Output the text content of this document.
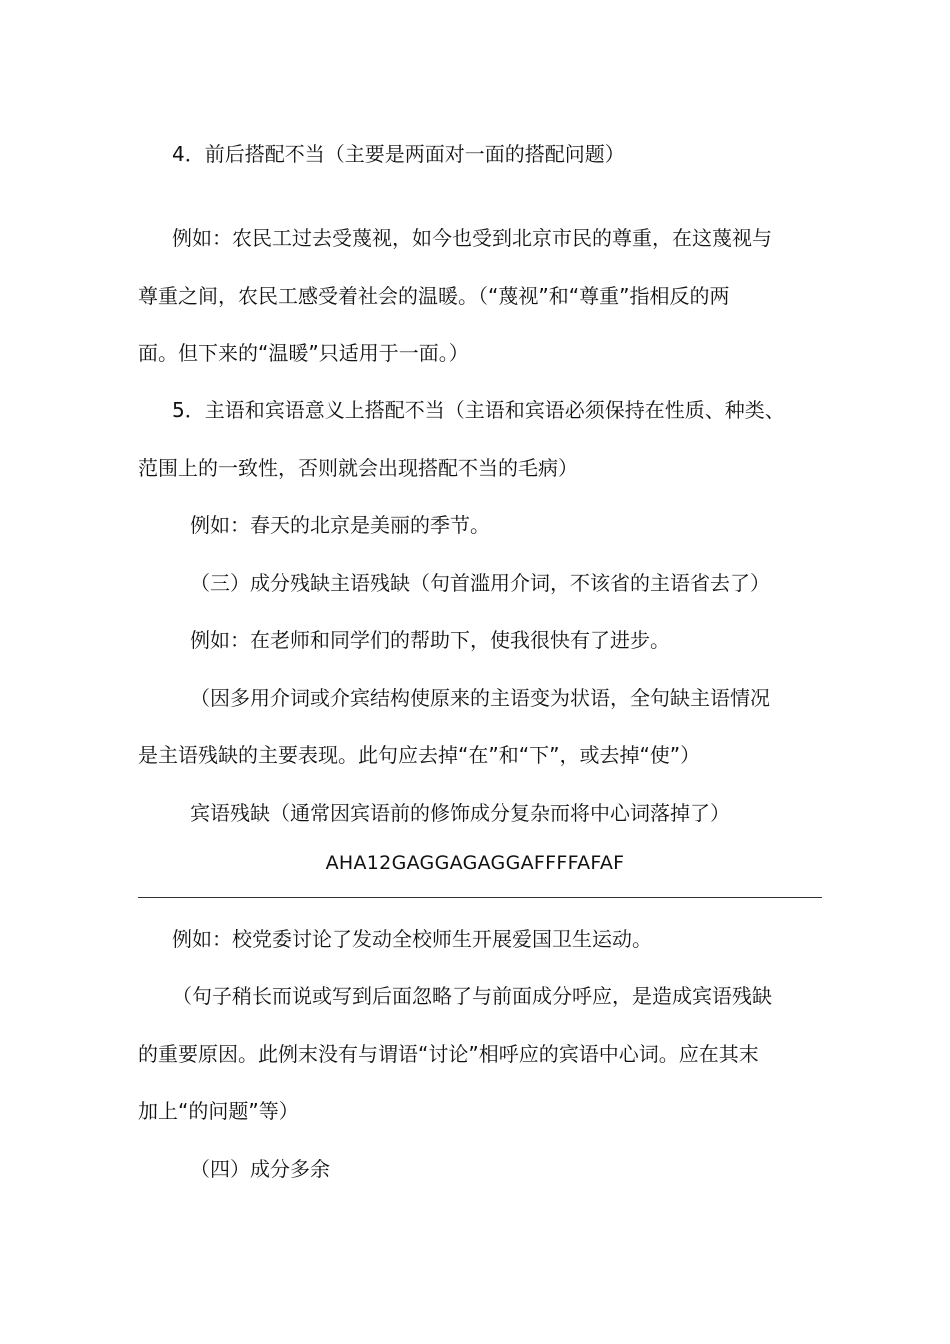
4．前后搭配不当（主要是两面对一面的搭配问题）
例如：农民工过去受蔑视，如今也受到北京市民的尊重，在这蔑视与
尊重之间，农民工感受着社会的温暖。（“蔑视”和“尊重”指相反的两
面。但下来的“温暖”只适用于一面。）
5．主语和宾语意义上搭配不当（主语和宾语必须保持在性质、种类、
范围上的一致性，否则就会出现搭配不当的毛病）
例如：春天的北京是美丽的季节。
（三）成分残缺主语残缺（句首滥用介词，不该省的主语省去了）
例如：在老师和同学们的帮助下，使我很快有了进步。
（因多用介词或介宾结构使原来的主语变为状语，全句缺主语情况
是主语残缺的主要表现。此句应去掉“在”和“下”，或去掉“使”）
宾语残缺（通常因宾语前的修饰成分复杂而将中心词落掉了）
AHA12GAGGAGAGGAFFFFAFAF
例如：校党委讨论了发动全校师生开展爱国卫生运动。
（句子稍长而说或写到后面忽略了与前面成分呼应，是造成宾语残缺
的重要原因。此例末没有与谓语“讨论”相呼应的宾语中心词。应在其末
加上“的问题”等）
（四）成分多余
